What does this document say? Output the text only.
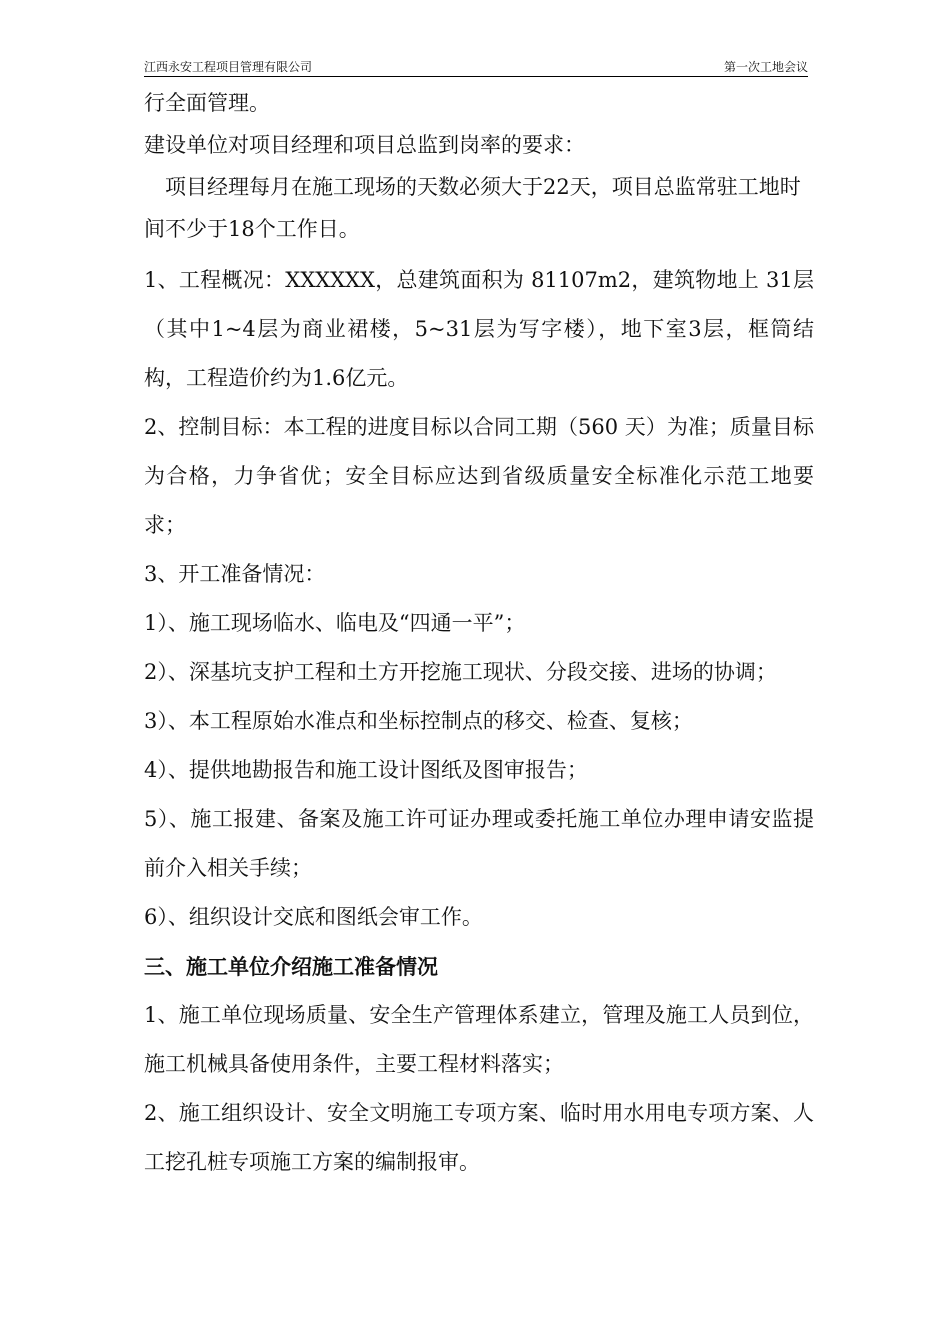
江西永安工程项目管理有限公司	第一次工地会议

行全面管理。

建设单位对项目经理和项目总监到岗率的要求：

项目经理每月在施工现场的天数必须大于22天，项目总监常驻工地时间不少于18个工作日。

1、工程概况：XXXXXX，总建筑面积为 81107m2，建筑物地上 31层（其中1~4层为商业裙楼，5~31层为写字楼），地下室3层，框筒结构，工程造价约为1.6亿元。

2、控制目标：本工程的进度目标以合同工期（560 天）为准；质量目标为合格，力争省优；安全目标应达到省级质量安全标准化示范工地要求；

3、开工准备情况：

1）、施工现场临水、临电及“四通一平”；

2）、深基坑支护工程和土方开挖施工现状、分段交接、进场的协调；

3）、本工程原始水准点和坐标控制点的移交、检查、复核；

4）、提供地勘报告和施工设计图纸及图审报告；

5）、施工报建、备案及施工许可证办理或委托施工单位办理申请安监提前介入相关手续；

6）、组织设计交底和图纸会审工作。

三、施工单位介绍施工准备情况

1、施工单位现场质量、安全生产管理体系建立，管理及施工人员到位，施工机械具备使用条件，主要工程材料落实；

2、施工组织设计、安全文明施工专项方案、临时用水用电专项方案、人工挖孔桩专项施工方案的编制报审。
